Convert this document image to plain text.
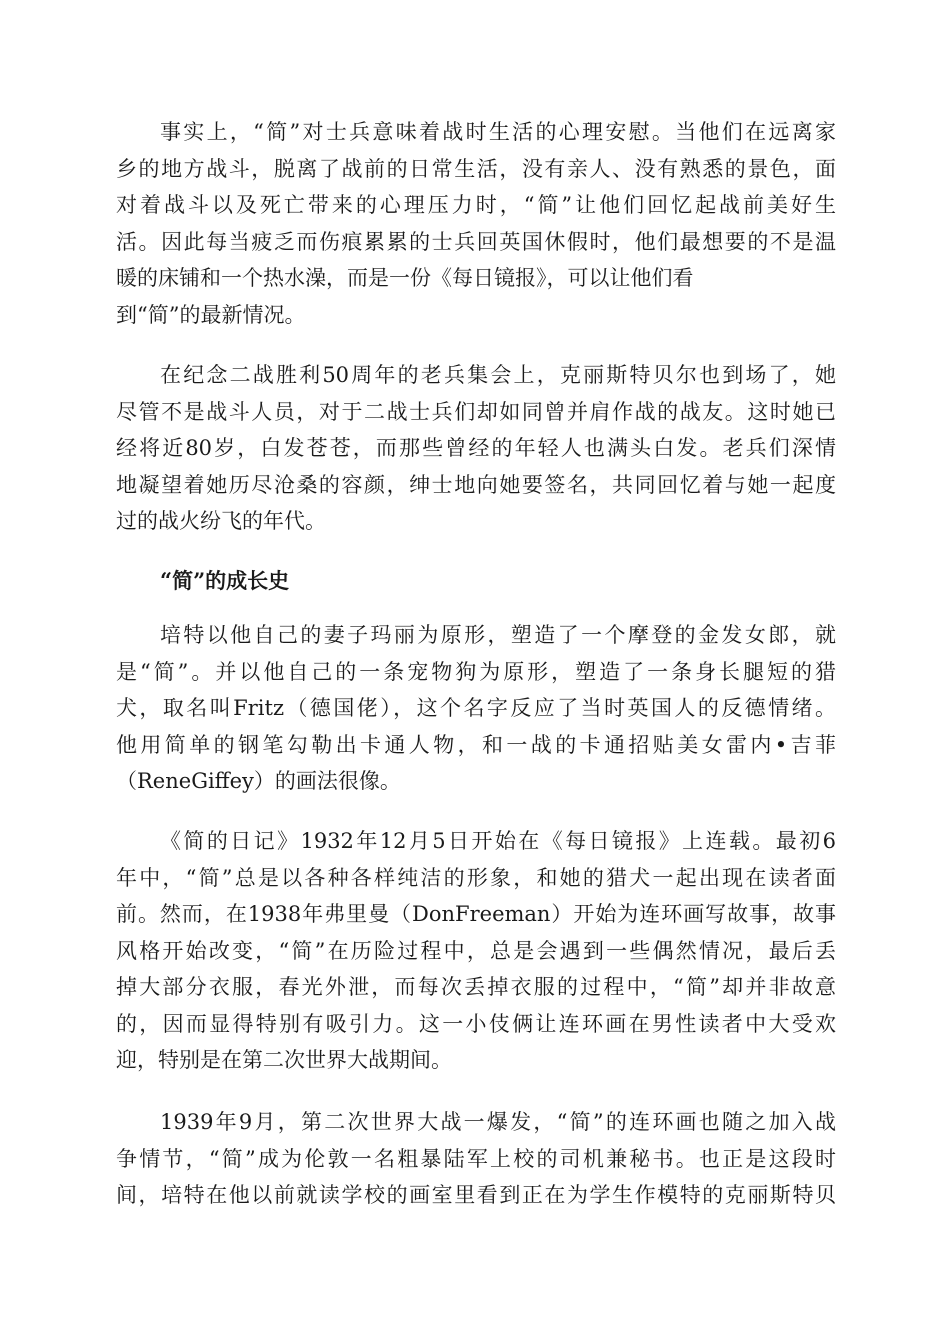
事实上，“简”对士兵意味着战时生活的心理安慰。当他们在远离家
乡的地方战斗，脱离了战前的日常生活，没有亲人、没有熟悉的景色，面
对着战斗以及死亡带来的心理压力时，“简”让他们回忆起战前美好生
活。因此每当疲乏而伤痕累累的士兵回英国休假时，他们最想要的不是温
暖的床铺和一个热水澡，而是一份《每日镜报》，可以让他们看
到“简”的最新情况。
在纪念二战胜利50周年的老兵集会上，克丽斯特贝尔也到场了，她
尽管不是战斗人员，对于二战士兵们却如同曾并肩作战的战友。这时她已
经将近80岁，白发苍苍，而那些曾经的年轻人也满头白发。老兵们深情
地凝望着她历尽沧桑的容颜，绅士地向她要签名，共同回忆着与她一起度
过的战火纷飞的年代。
“简”的成长史
培特以他自己的妻子玛丽为原形，塑造了一个摩登的金发女郎，就
是“简”。并以他自己的一条宠物狗为原形，塑造了一条身长腿短的猎
犬，取名叫Fritz（德国佬），这个名字反应了当时英国人的反德情绪。
他用简单的钢笔勾勒出卡通人物，和一战的卡通招贴美女雷内•吉菲
（ReneGiffey）的画法很像。
《简的日记》1932年12月5日开始在《每日镜报》上连载。最初6
年中，“简”总是以各种各样纯洁的形象，和她的猎犬一起出现在读者面
前。然而，在1938年弗里曼（DonFreeman）开始为连环画写故事，故事
风格开始改变，“简”在历险过程中，总是会遇到一些偶然情况，最后丢
掉大部分衣服，春光外泄，而每次丢掉衣服的过程中，“简”却并非故意
的，因而显得特别有吸引力。这一小伎俩让连环画在男性读者中大受欢
迎，特别是在第二次世界大战期间。
1939年9月，第二次世界大战一爆发，“简”的连环画也随之加入战
争情节，“简”成为伦敦一名粗暴陆军上校的司机兼秘书。也正是这段时
间，培特在他以前就读学校的画室里看到正在为学生作模特的克丽斯特贝
